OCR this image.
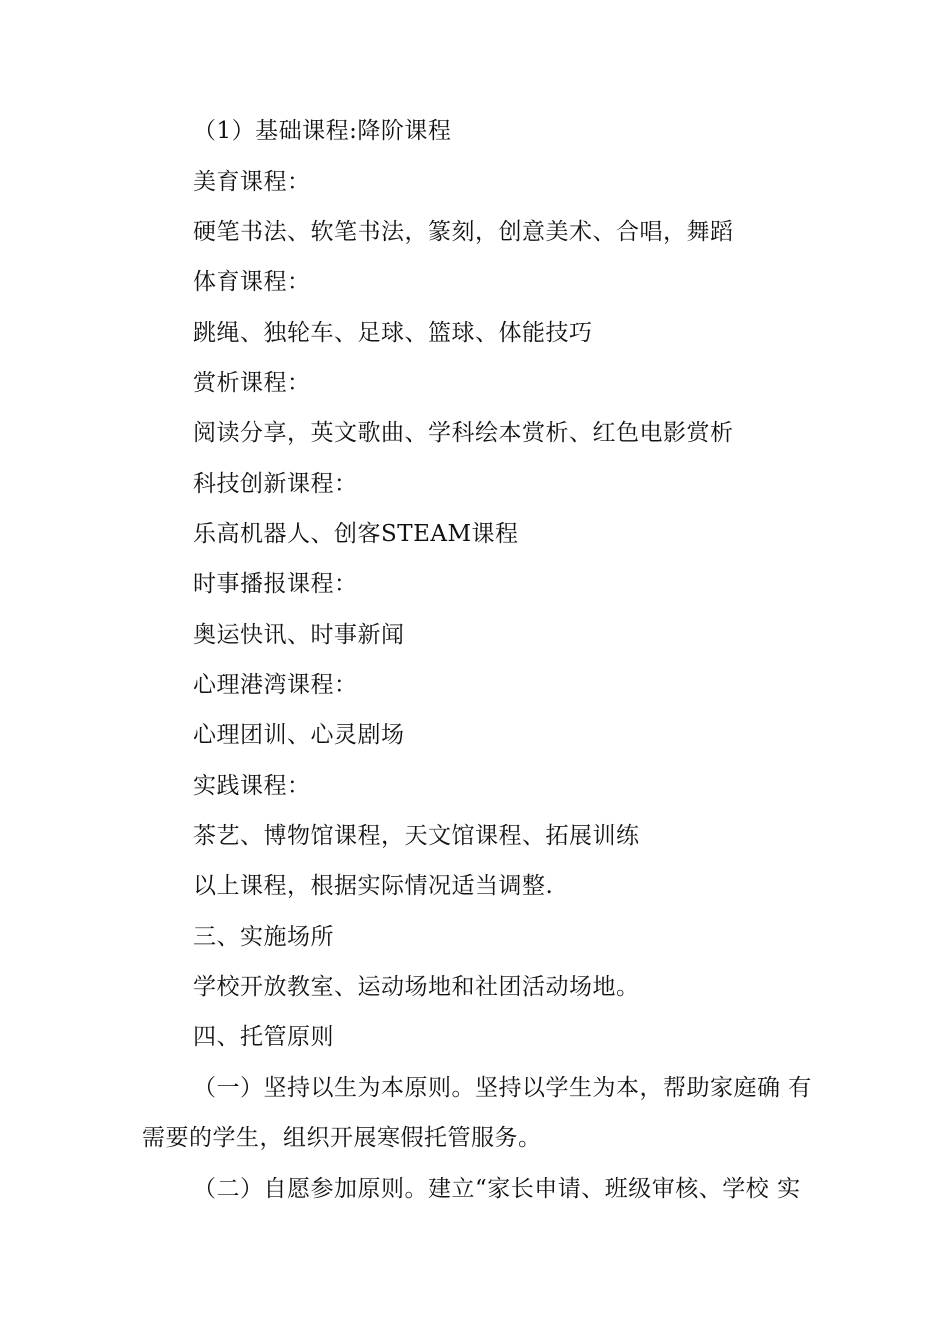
（1）基础课程:降阶课程
美育课程：
硬笔书法、软笔书法，篆刻，创意美术、合唱，舞蹈
体育课程：
跳绳、独轮车、足球、篮球、体能技巧
赏析课程：
阅读分享，英文歌曲、学科绘本赏析、红色电影赏析
科技创新课程：
乐高机器人、创客STEAM课程
时事播报课程：
奥运快讯、时事新闻
心理港湾课程：
心理团训、心灵剧场
实践课程：
茶艺、博物馆课程，天文馆课程、拓展训练
以上课程，根据实际情况适当调整.
三、实施场所
学校开放教室、运动场地和社团活动场地。
四、托管原则
（一）坚持以生为本原则。坚持以学生为本，帮助家庭确 有
需要的学生，组织开展寒假托管服务。
（二）自愿参加原则。建立“家长申请、班级审核、学校 实
